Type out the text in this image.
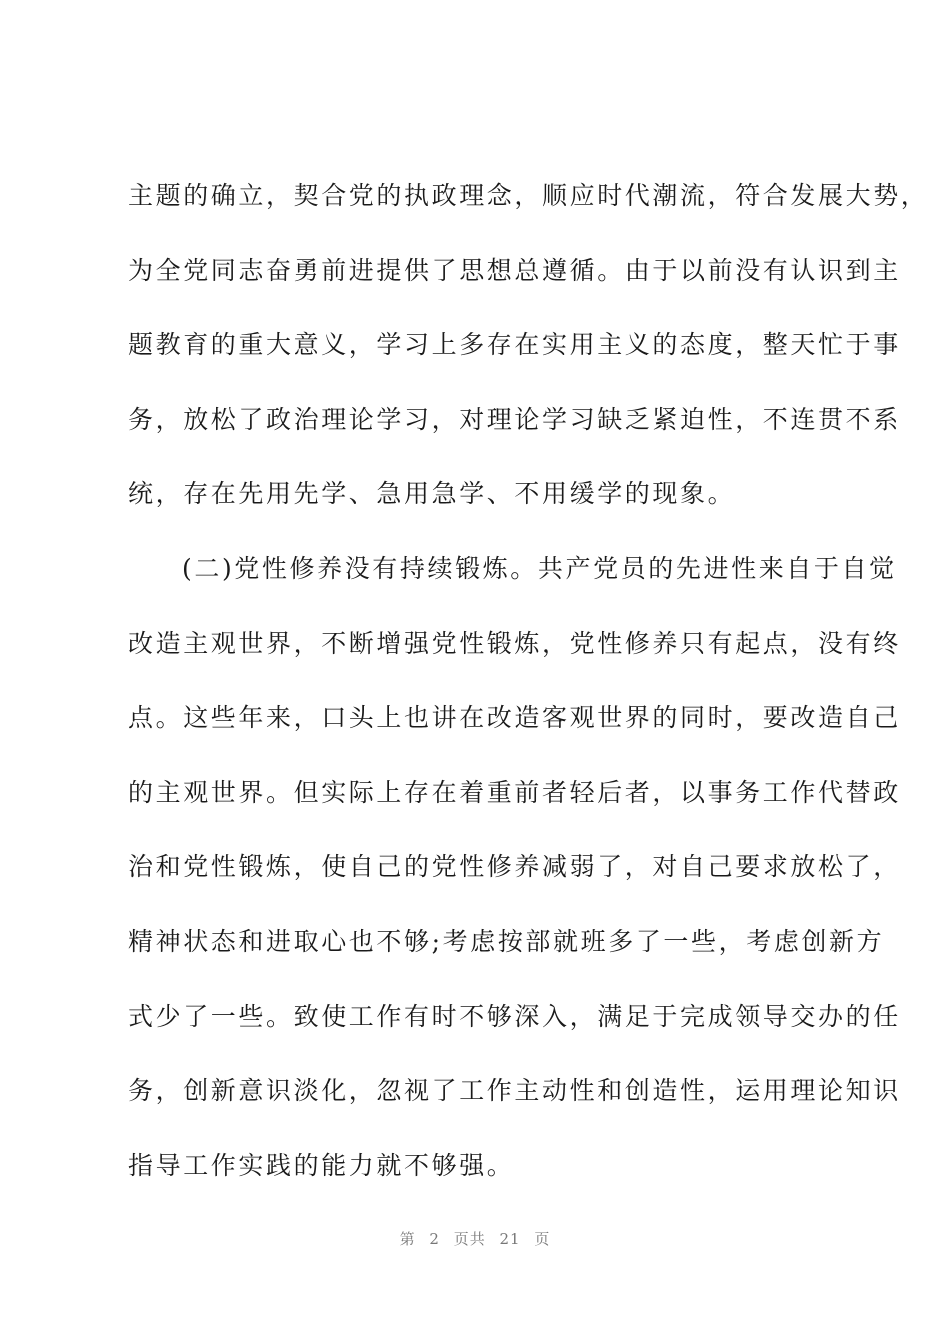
主题的确立，契合党的执政理念，顺应时代潮流，符合发展大势，
为全党同志奋勇前进提供了思想总遵循。由于以前没有认识到主
题教育的重大意义，学习上多存在实用主义的态度，整天忙于事
务，放松了政治理论学习，对理论学习缺乏紧迫性，不连贯不系
统，存在先用先学、急用急学、不用缓学的现象。
(二)党性修养没有持续锻炼。共产党员的先进性来自于自觉
改造主观世界，不断增强党性锻炼，党性修养只有起点，没有终
点。这些年来，口头上也讲在改造客观世界的同时，要改造自己
的主观世界。但实际上存在着重前者轻后者，以事务工作代替政
治和党性锻炼，使自己的党性修养减弱了，对自己要求放松了，
精神状态和进取心也不够;考虑按部就班多了一些，考虑创新方
式少了一些。致使工作有时不够深入，满足于完成领导交办的任
务，创新意识淡化，忽视了工作主动性和创造性，运用理论知识
指导工作实践的能力就不够强。
第 2 页共 21 页
